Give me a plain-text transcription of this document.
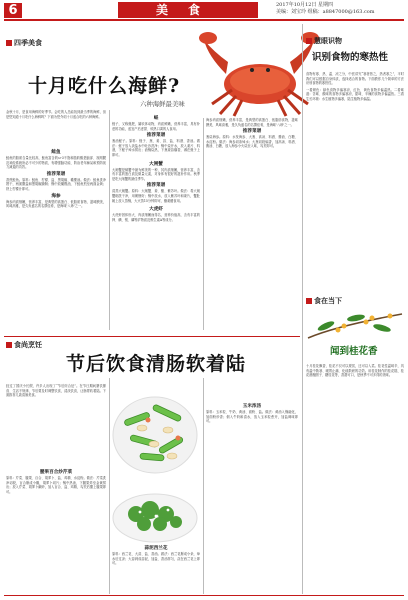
6	美食	2017年10月12日 星期四
美编：刘宝玲 组稿：a8847000@163.com
四季美食
十月吃什么海鲜?
六种海鲜最美味
金秋十月，是食用海鲜的好季节。会吃的人总能找到最当季的海鲜，但是您知道十月吃什么海鲜吗？下面为您介绍十月适合吃的六种海鲜。
鲑鱼
鲑鱼的脂肪含量比较高，鲑鱼富含的ω-3不饱和脂肪酸是脑部、视网膜及神经系统所必不可少的物质，有增强脑功能、防治老年痴呆和预防视力减退的功效。
推荐菜谱
香煎鲑鱼。原料：鲑鱼、柠檬、盐、黑胡椒、橄榄油。做法：鲑鱼洗净擦干，两面撒盐和黑胡椒腌制；锅中放橄榄油，下鲑鱼煎至两面金黄；挤上柠檬汁即可。
海参
海参肉质细嫩，营养丰富，是典型的高蛋白、低脂肪食物，滋味腴美，风味高雅，是久负盛名的名馔佳肴，是海味'八珍'之一。
蛏
蛏子，又称蛏肥，属软体动物，肉质鲜嫩，营养丰富，具有补虚的功能，适宜产后虚损、烦热口渴的人食用。
推荐菜谱
葱油蛏子。原料：蛏子、葱、姜、蒜、盐、料酒、香油。做法：蛏子放入淡盐水中吐沙洗净；锅中烧开水，放入姜片、料酒，下蛏子焯水捞出；油锅烧热，下葱姜蒜爆香，淋在蛏子上即可。
大闸蟹
大闸蟹是螃蟹中最为鲜美的一种，其肉质细嫩，营养丰富，含有丰富的蛋白质及微量元素，对身体有很好的滋补作用。秋季是吃大闸蟹的最佳季节。
推荐菜谱
清蒸大闸蟹。原料：大闸蟹、姜、醋、紫苏叶。做法：将大闸蟹刷洗干净，用绳捆好；锅中放水，放入紫苏叶和姜片，蟹肚朝上放入蒸锅，大火蒸15分钟即可，蘸姜醋食用。
大虎虾
大虎虾因体形大、肉质细嫩而得名，营养价值高，含有丰富的钾、碘、镁、磷等矿物质及维生素A等成分。
海参肉质细嫩，营养丰富，是典型的高蛋白、低脂肪食物，滋味腴美，风味高雅，是久负盛名的名馔佳肴，是海味'八珍'之一。
推荐菜谱
葱烧海参。原料：水发海参、大葱、高汤、料酒、酱油、白糖、水淀粉。做法：海参切条焯水；大葱切段煸香，加高汤、料酒、酱油、白糖，放入海参小火烧至入味，勾芡即可。
食尚烹饪
节后饮食清肠软着陆
经过了国庆小长假，许多人出现了“节后综合征”。在节日期间暴饮暴食、生活不规律，节后要及时调整饮食，清淡饮食，让肠胃软着陆。下面推荐几款清肠美食。
腰果百合炒芹菜
原料：芹菜、腰果、百合、胡萝卜、盐、鸡精、水淀粉。做法：芹菜洗净切段，百合掰成小瓣，胡萝卜切片；锅中热油，下腰果炸至金黄捞出；放入芹菜、胡萝卜翻炒，加入百合、盐、鸡精，勾芡后撒上腰果即可。
蒜泥西兰花
原料：西兰花、大蒜、盐、香油。做法：西兰花掰成小朵，焯水后过凉；大蒜剁成蒜泥，加盐、香油拌匀，浇在西兰花上即可。
玉米浓汤
原料：玉米粒、牛奶、黄油、面粉、盐。做法：黄油入锅融化，加面粉炒香；倒入牛奶和清水，放入玉米粒煮开，加盐调味即可。
慧眼识物
识别食物的寒热性
食物有寒、热、温、凉之分，中医讲究“寒者热之，热者寒之”，平时我们可以根据自身体质，选择适合的食物。下面教你几个简单的方法识别食物的寒热性。
一看颜色：绿色食物多偏寒凉，红色、黄色食物多偏温热。二看味道：苦味、酸味的食物多偏寒凉，甜味、辛辣的食物多偏温热。三看生长环境：水生植物多偏寒，陆生植物多偏温。
食在当下
闻到桂花香
十月桂花飘香，桂花不仅可以观赏，还可以入菜。桂花性温味辛，具有温中散寒、暖胃止痛、化痰散瘀的功效。用桂花制作的桂花糕、桂花酒酿圆子、糖桂花等，香甜可口，是秋季不可多得的美味。
